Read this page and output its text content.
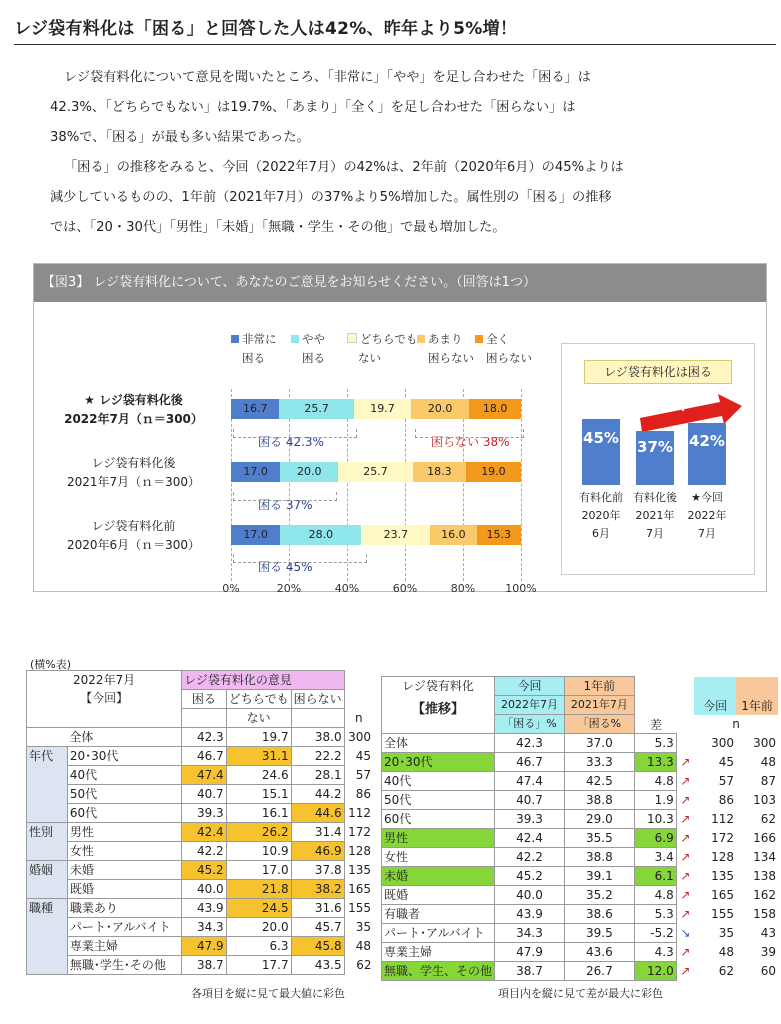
レジ袋有料化は「困る」と回答した人は42%、昨年より5%増！
レジ袋有料化について意見を聞いたところ、「非常に」「やや」を足し合わせた「困る」は
42.3%、「どちらでもない」は19.7%、「あまり」「全く」を足し合わせた「困らない」は
38%で、「困る」が最も多い結果であった。
「困る」の推移をみると、今回（2022年7月）の42%は、2年前（2020年6月）の45%よりは
減少しているものの、1年前（2021年7月）の37%より5%増加した。属性別の「困る」の推移
では、「20・30代」「男性」「未婚」「無職・学生・その他」で最も増加した。
【図3】 レジ袋有料化について、あなたのご意見をお知らせください。（回答は1つ）
非常に
困る
やや
困る
どちらでも
ない
あまり
困らない
全く
困らない
★ レジ袋有料化後
2022年7月（ｎ＝300）
レジ袋有料化後
2021年7月（ｎ＝300）
レジ袋有料化前
2020年6月（ｎ＝300）
0%	20%	40%	60%	80%	100%
16.7	25.7	19.7	20.0	18.0
17.0	20.0	25.7	18.3	19.0
17.0	28.0	23.7	16.0	15.3
困る 42.3%	困らない 38%
困る 37%
困る 45%
レジ袋有料化は困る
5% Up
45%
有料化前
2020年
6月
37%
有料化後
2021年
7月
42%
★今回
2022年
7月
(横%表)
2022年7月
【今回】		レジ袋有料化の意見			
		困る	どちらでも	困らない	
			ない		n
	全体	42.3	19.7	38.0	300
年代	20･30代	46.7	31.1	22.2	45
	40代	47.4	24.6	28.1	57
	50代	40.7	15.1	44.2	86
	60代	39.3	16.1	44.6	112
性別	男性	42.4	26.2	31.4	172
	女性	42.2	10.9	46.9	128
婚姻	未婚	45.2	17.0	37.8	135
	既婚	40.0	21.8	38.2	165
職種	職業あり	43.9	24.5	31.6	155
	パート･アルバイト	34.3	20.0	45.7	35
	専業主婦	47.9	6.3	45.8	48
	無職･学生･その他	38.7	17.7	43.5	62
各項目を縦に見て最大値に彩色
レジ袋有料化
【推移】	今回	1年前			今回	1年前
	2022年7月	2021年7月				
	「困る」%	「困る%			n	
全体	42.3	37.0	5.3		300	300
20･30代	46.7	33.3	13.3	↗	45	48
40代	47.4	42.5	4.8	↗	57	87
50代	40.7	38.8	1.9	↗	86	103
60代	39.3	29.0	10.3	↗	112	62
男性	42.4	35.5	6.9	↗	172	166
女性	42.2	38.8	3.4	↗	128	134
未婚	45.2	39.1	6.1	↗	135	138
既婚	40.0	35.2	4.8	↗	165	162
有職者	43.9	38.6	5.3	↗	155	158
パート･アルバイト	34.3	39.5	-5.2	↘	35	43
専業主婦	47.9	43.6	4.3	↗	48	39
無職、学生、その他	38.7	26.7	12.0	↗	62	60
差
項目内を縦に見て差が最大に彩色
